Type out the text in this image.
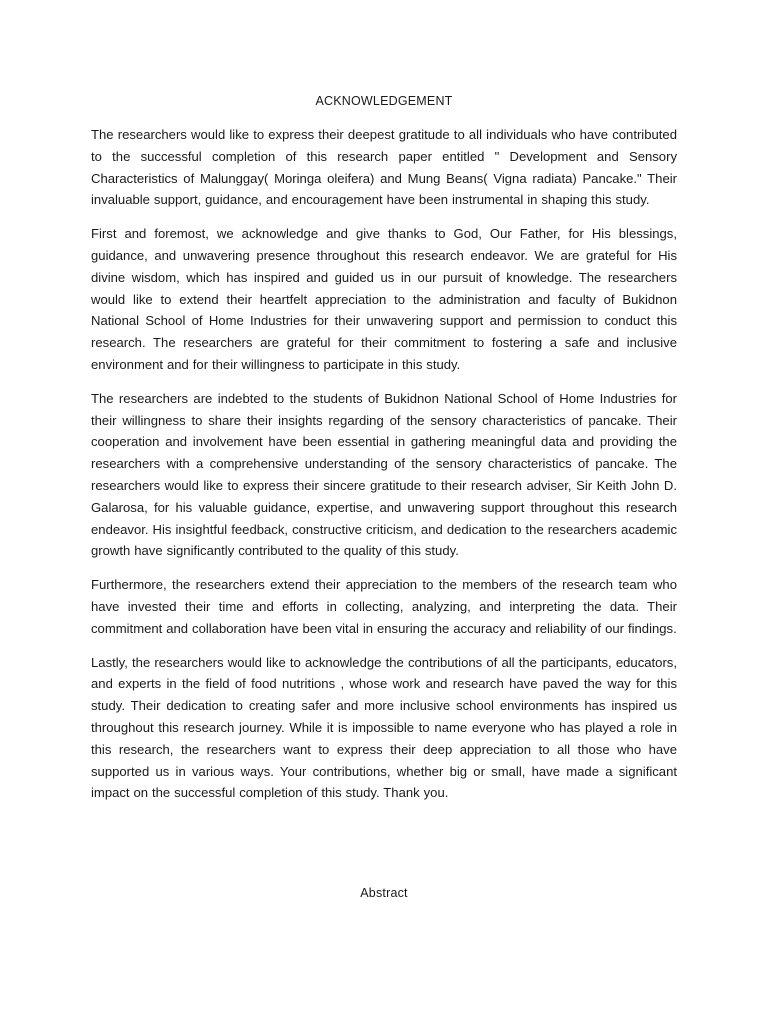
ACKNOWLEDGEMENT

The researchers would like to express their deepest gratitude to all individuals who have contributed to the successful completion of this research paper entitled " Development and Sensory Characteristics of Malunggay( Moringa oleifera) and Mung Beans( Vigna radiata) Pancake." Their invaluable support, guidance, and encouragement have been instrumental in shaping this study.

First and foremost, we acknowledge and give thanks to God, Our Father, for His blessings, guidance, and unwavering presence throughout this research endeavor. We are grateful for His divine wisdom, which has inspired and guided us in our pursuit of knowledge. The researchers would like to extend their heartfelt appreciation to the administration and faculty of Bukidnon National School of Home Industries for their unwavering support and permission to conduct this research. The researchers are grateful for their commitment to fostering a safe and inclusive environment and for their willingness to participate in this study.

The researchers are indebted to the students of Bukidnon National School of Home Industries for their willingness to share their insights regarding of the sensory characteristics of pancake. Their cooperation and involvement have been essential in gathering meaningful data and providing the researchers with a comprehensive understanding of the sensory characteristics of pancake. The researchers would like to express their sincere gratitude to their research adviser, Sir Keith John D. Galarosa, for his valuable guidance, expertise, and unwavering support throughout this research endeavor. His insightful feedback, constructive criticism, and dedication to the researchers academic growth have significantly contributed to the quality of this study.

Furthermore, the researchers extend their appreciation to the members of the research team who have invested their time and efforts in collecting, analyzing, and interpreting the data. Their commitment and collaboration have been vital in ensuring the accuracy and reliability of our findings.

Lastly, the researchers would like to acknowledge the contributions of all the participants, educators, and experts in the field of food nutritions , whose work and research have paved the way for this study. Their dedication to creating safer and more inclusive school environments has inspired us throughout this research journey. While it is impossible to name everyone who has played a role in this research, the researchers want to express their deep appreciation to all those who have supported us in various ways. Your contributions, whether big or small, have made a significant impact on the successful completion of this study. Thank you.

Abstract
